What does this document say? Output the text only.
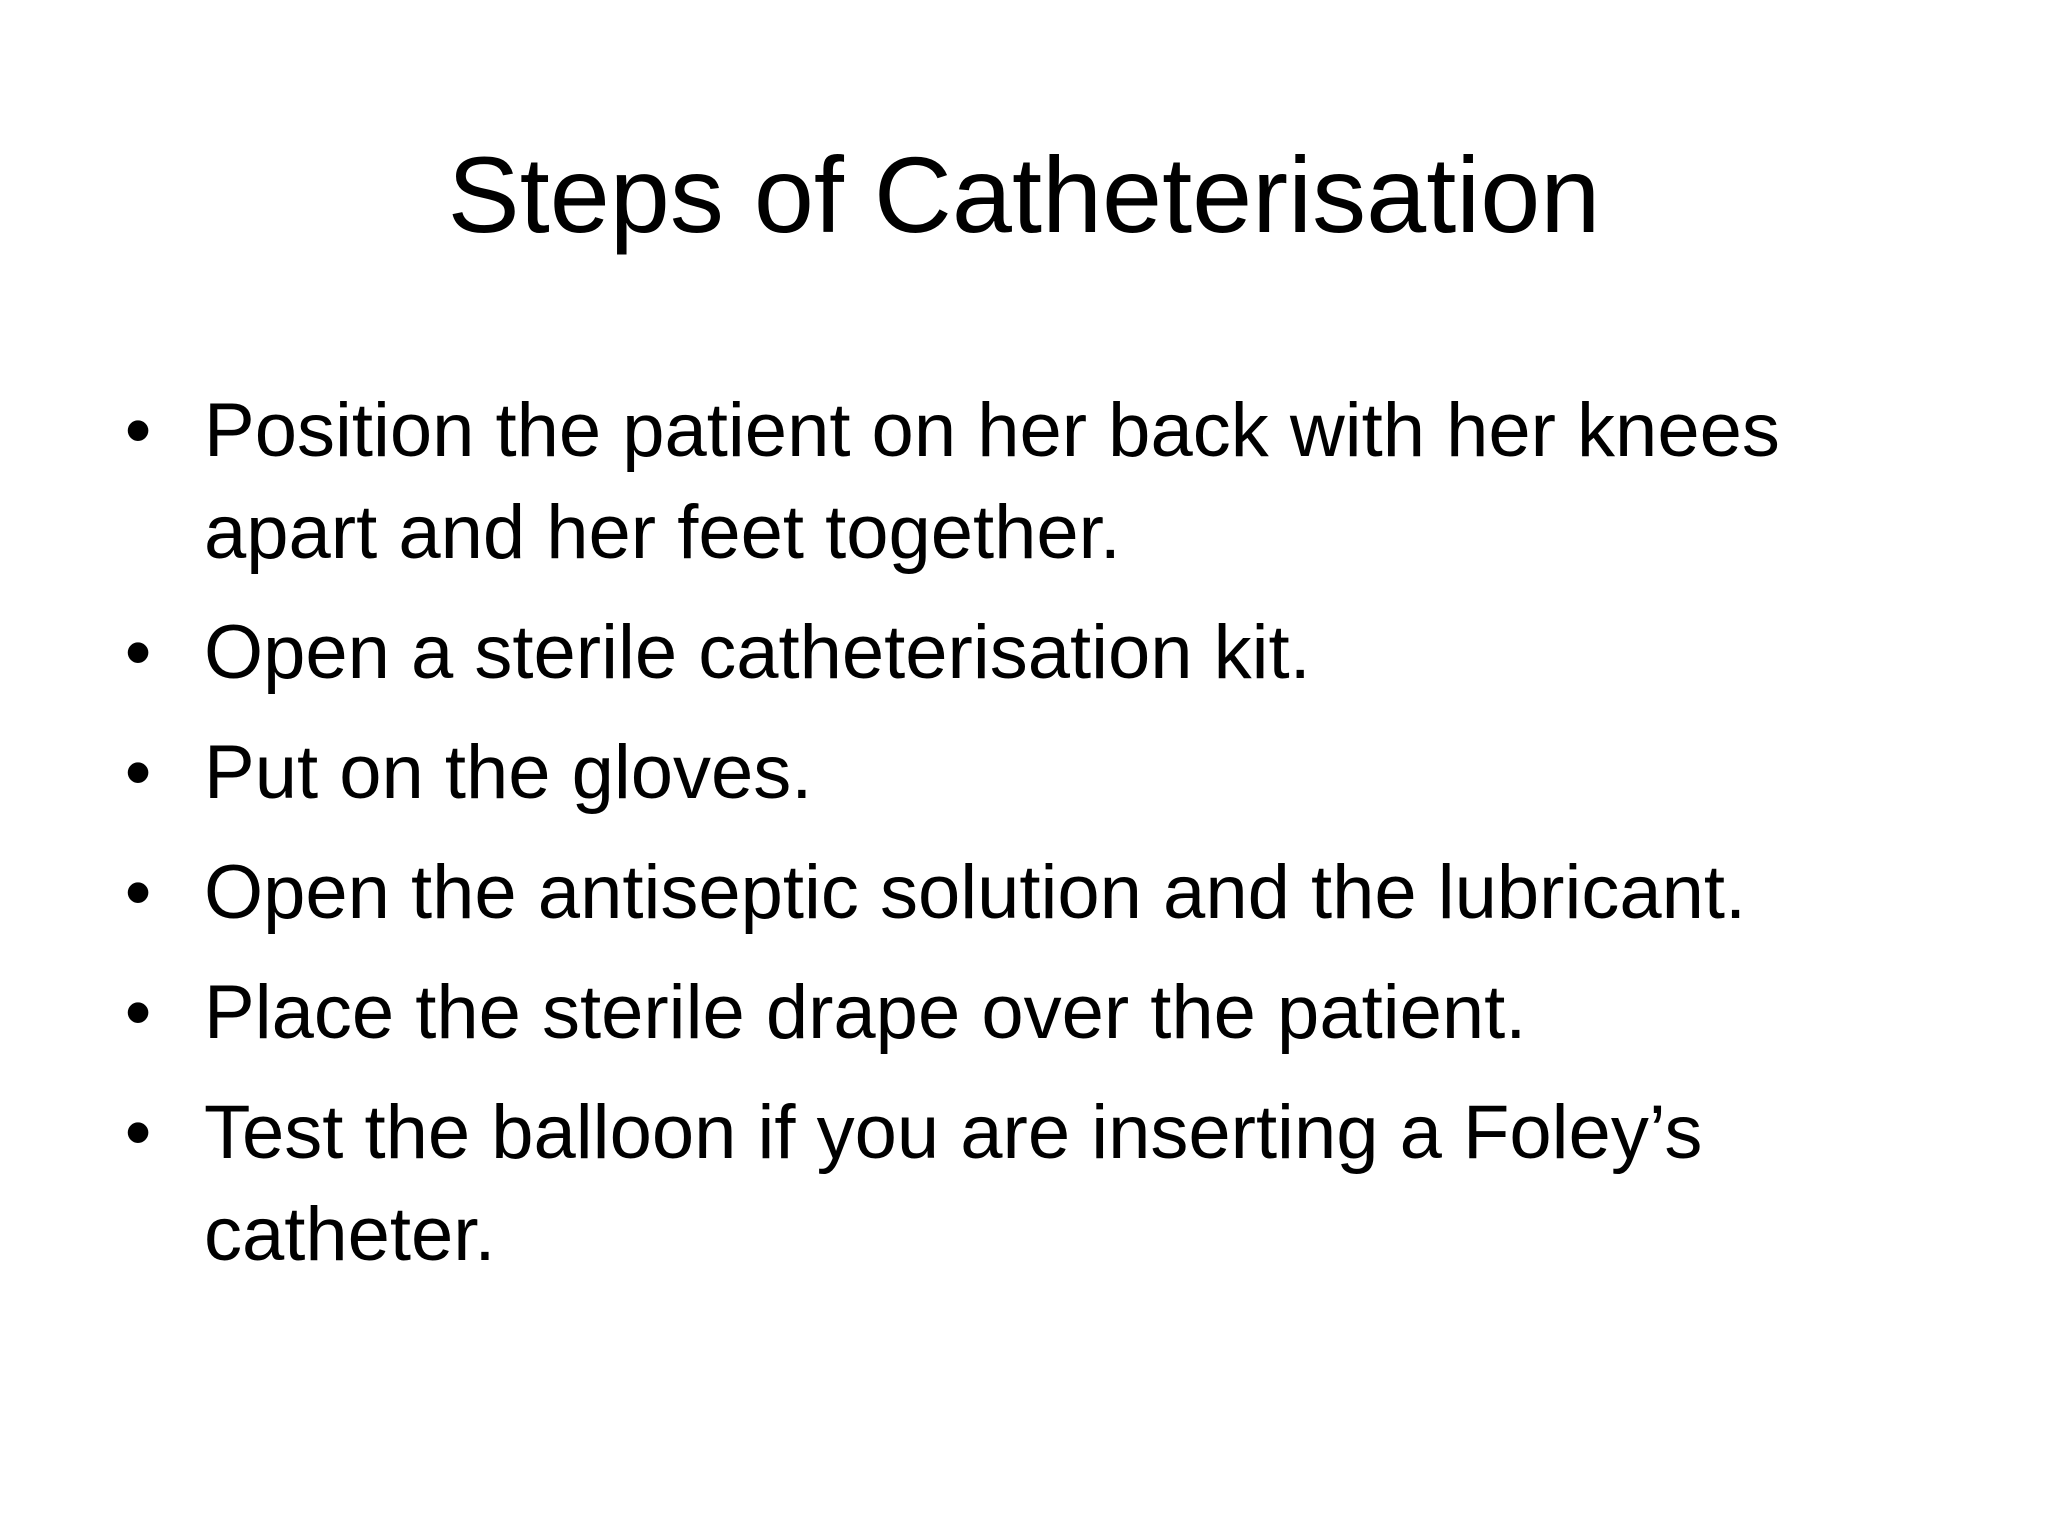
Steps of Catheterisation
• Position the patient on her back with her knees apart and her feet together.
• Open a sterile catheterisation kit.
• Put on the gloves.
• Open the antiseptic solution and the lubricant.
• Place the sterile drape over the patient.
• Test the balloon if you are inserting a Foley’s catheter.
